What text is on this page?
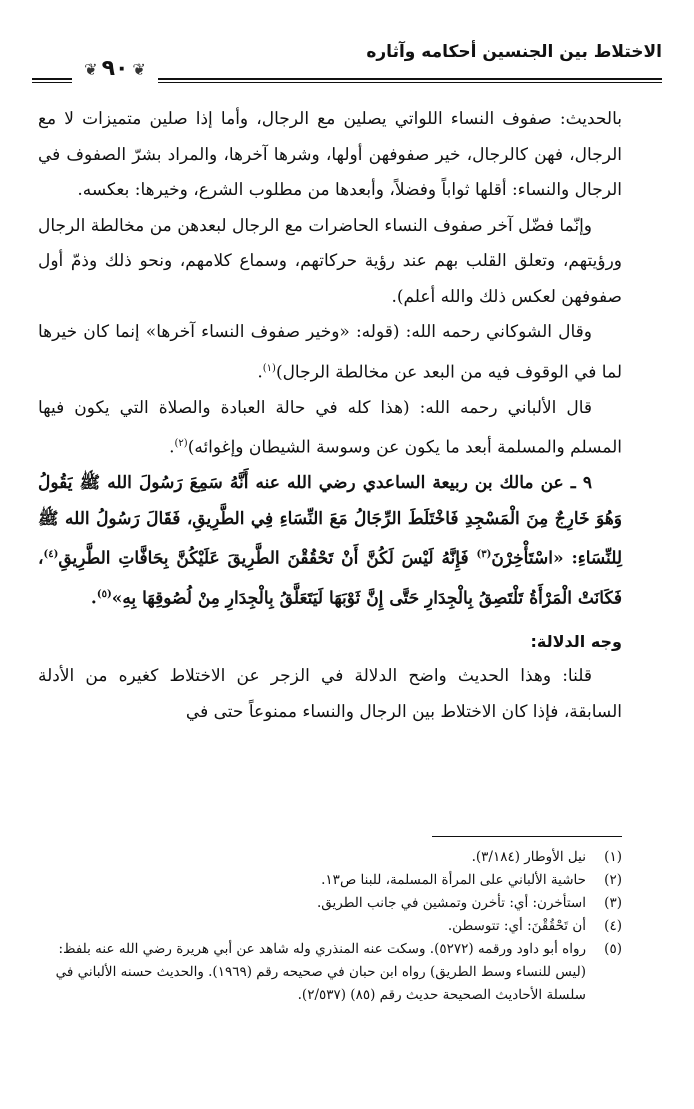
الاختلاط بين الجنسين أحكامه وآثاره
❦٩٠❦

بالحديث: صفوف النساء اللواتي يصلين مع الرجال، وأما إذا صلين متميزات لا مع الرجال، فهن كالرجال، خير صفوفهن أولها، وشرها آخرها، والمراد بشرّ الصفوف في الرجال والنساء: أقلها ثواباً وفضلاً، وأبعدها من مطلوب الشرع، وخيرها: بعكسه.

وإنّما فضّل آخر صفوف النساء الحاضرات مع الرجال لبعدهن من مخالطة الرجال ورؤيتهم، وتعلق القلب بهم عند رؤية حركاتهم، وسماع كلامهم، ونحو ذلك وذمّ أول صفوفهن لعكس ذلك والله أعلم).

وقال الشوكاني رحمه الله: (قوله: «وخير صفوف النساء آخرها» إنما كان خيرها لما في الوقوف فيه من البعد عن مخالطة الرجال)$^{(١)}$.

قال الألباني رحمه الله: (هذا كله في حالة العبادة والصلاة التي يكون فيها المسلم والمسلمة أبعد ما يكون عن وسوسة الشيطان وإغوائه)$^{(٢)}$.

٩ ـ عن مالك بن ربيعة الساعدي رضي الله عنه أَنَّهُ سَمِعَ رَسُولَ الله ﷺ يَقُولُ وَهُوَ خَارِجٌ مِنَ الْمَسْجِدِ فَاخْتَلَطَ الرِّجَالُ مَعَ النِّسَاءِ فِي الطَّرِيقِ، فَقَالَ رَسُولُ الله ﷺ لِلنِّسَاءِ: «اسْتَأْخِرْنَ$^{(٣)}$ فَإِنَّهُ لَيْسَ لَكُنَّ أَنْ تَحْقُقْنَ الطَّرِيقَ عَلَيْكُنَّ بِحَافَّاتِ الطَّرِيقِ$^{(٤)}$، فَكَانَتْ الْمَرْأَةُ تَلْتَصِقُ بِالْجِدَارِ حَتَّى إِنَّ ثَوْبَهَا لَيَتَعَلَّقُ بِالْجِدَارِ مِنْ لُصُوقِهَا بِهِ»$^{(٥)}$.

وجه الدلالة:

قلنا: وهذا الحديث واضح الدلالة في الزجر عن الاختلاط كغيره من الأدلة السابقة، فإذا كان الاختلاط بين الرجال والنساء ممنوعاً حتى في

(١)
نيل الأوطار (٣/١٨٤).
(٢)
حاشية الألباني على المرأة المسلمة، للبنا ص١٣.
(٣)
استأخرن: أي: تأخرن وتمشين في جانب الطريق.
(٤)
أن تَحْقُقْنَ: أي: تتوسطن.
(٥)
رواه أبو داود ورقمه (٥٢٧٢). وسكت عنه المنذري وله شاهد عن أبي هريرة رضي الله عنه بلفظ: (ليس للنساء وسط الطريق) رواه ابن حبان في صحيحه رقم (١٩٦٩). والحديث حسنه الألباني في سلسلة الأحاديث الصحيحة حديث رقم (٨٥) (٢/٥٣٧).
